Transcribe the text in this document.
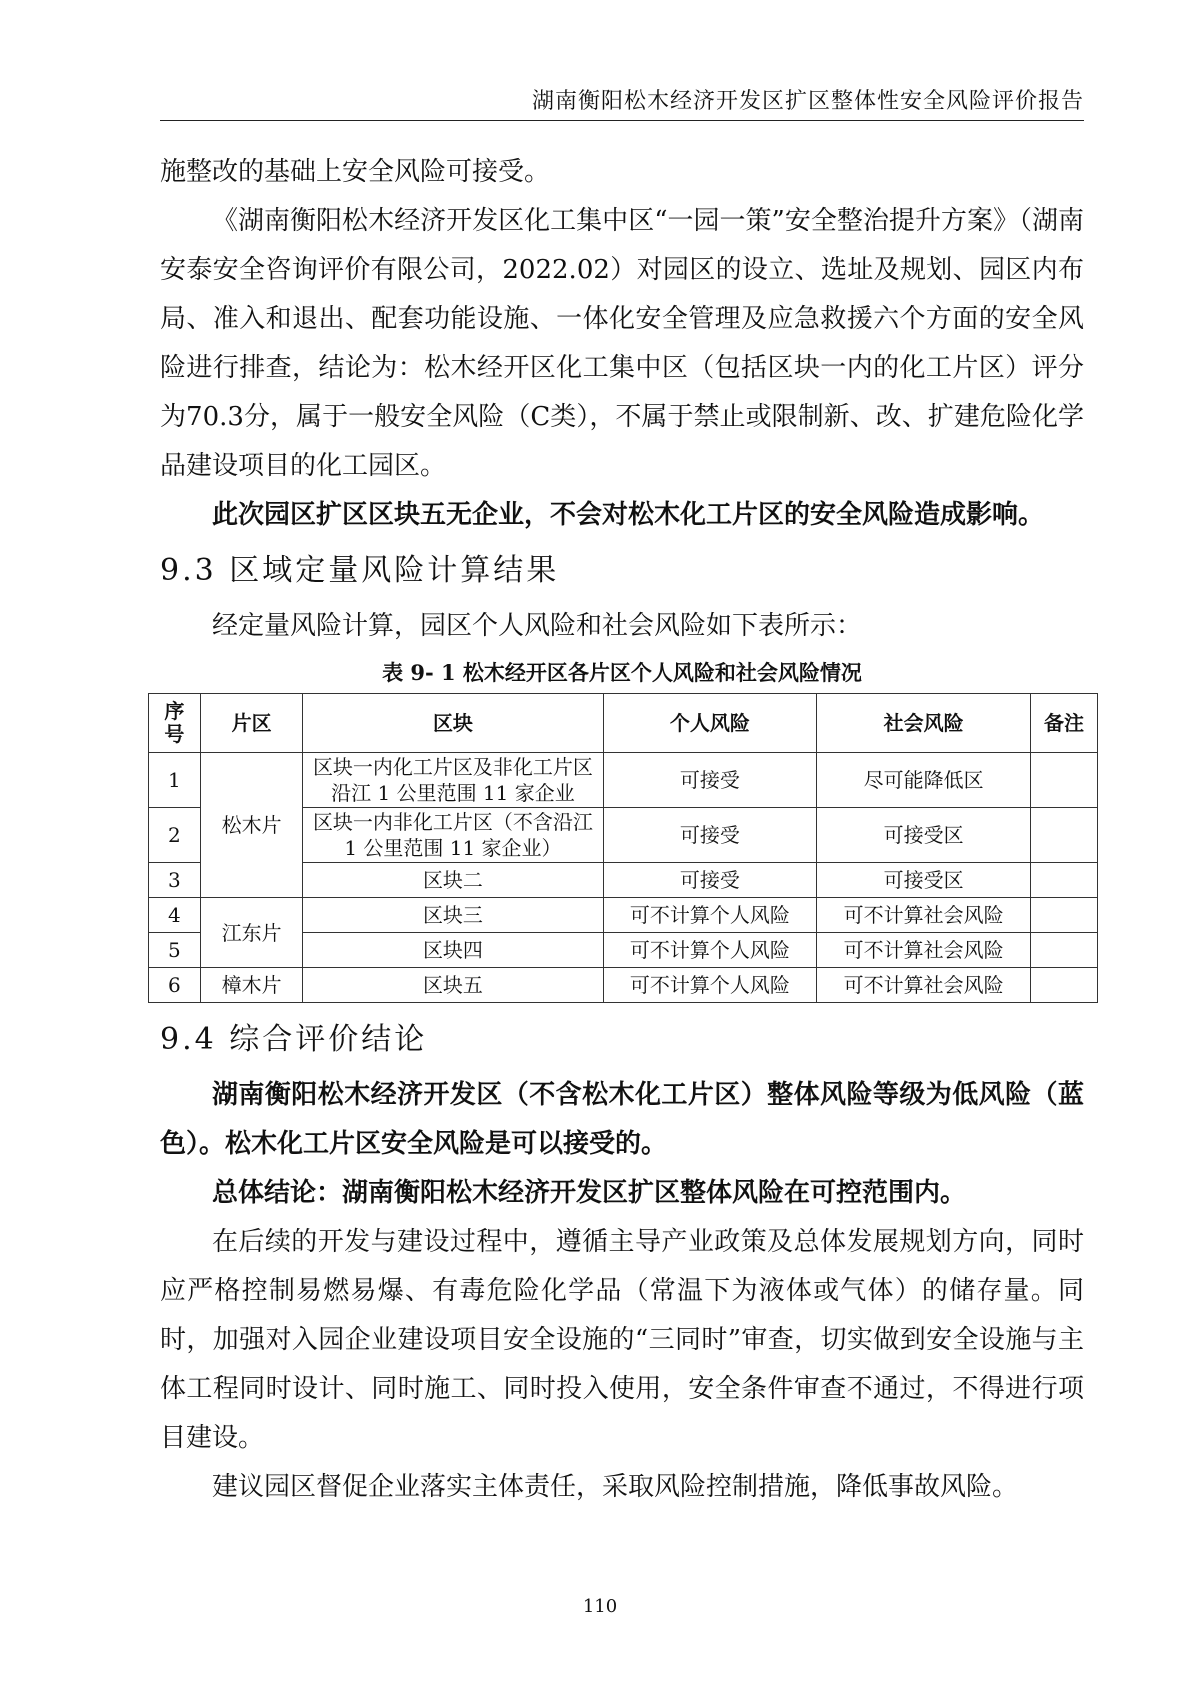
湖南衡阳松木经济开发区扩区整体性安全风险评价报告

施整改的基础上安全风险可接受。

《湖南衡阳松木经济开发区化工集中区“一园一策”安全整治提升方案》（湖南安泰安全咨询评价有限公司，2022.02）对园区的设立、选址及规划、园区内布局、准入和退出、配套功能设施、一体化安全管理及应急救援六个方面的安全风险进行排查，结论为：松木经开区化工集中区（包括区块一内的化工片区）评分为70.3分，属于一般安全风险（C类），不属于禁止或限制新、改、扩建危险化学品建设项目的化工园区。

此次园区扩区区块五无企业，不会对松木化工片区的安全风险造成影响。

9.3 区域定量风险计算结果

经定量风险计算，园区个人风险和社会风险如下表所示：

表 9- 1 松木经开区各片区个人风险和社会风险情况
序号	片区	区块	个人风险	社会风险	备注
1	松木片	区块一内化工片区及非化工片区沿江 1 公里范围 11 家企业	可接受	尽可能降低区	
2		区块一内非化工片区（不含沿江 1 公里范围 11 家企业）	可接受	可接受区	
3		区块二	可接受	可接受区	
4	江东片	区块三	可不计算个人风险	可不计算社会风险	
5		区块四	可不计算个人风险	可不计算社会风险	
6	樟木片	区块五	可不计算个人风险	可不计算社会风险	
9.4 综合评价结论

湖南衡阳松木经济开发区（不含松木化工片区）整体风险等级为低风险（蓝色）。松木化工片区安全风险是可以接受的。

总体结论：湖南衡阳松木经济开发区扩区整体风险在可控范围内。

在后续的开发与建设过程中，遵循主导产业政策及总体发展规划方向，同时应严格控制易燃易爆、有毒危险化学品（常温下为液体或气体）的储存量。同时，加强对入园企业建设项目安全设施的“三同时”审查，切实做到安全设施与主体工程同时设计、同时施工、同时投入使用，安全条件审查不通过，不得进行项目建设。

建议园区督促企业落实主体责任，采取风险控制措施，降低事故风险。

110
